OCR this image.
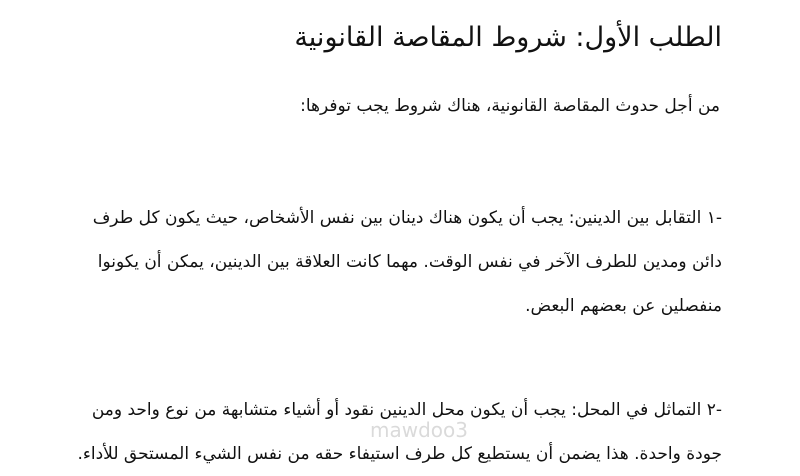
الطلب الأول: شروط المقاصة القانونية

من أجل حدوث المقاصة القانونية، هناك شروط يجب توفرها:

-١ التقابل بين الدينين: يجب أن يكون هناك دينان بين نفس الأشخاص، حيث يكون كل طرف
دائن ومدين للطرف الآخر في نفس الوقت. مهما كانت العلاقة بين الدينين، يمكن أن يكونوا
منفصلين عن بعضهم البعض.

-٢ التماثل في المحل: يجب أن يكون محل الدينين نقود أو أشياء متشابهة من نوع واحد ومن
جودة واحدة. هذا يضمن أن يستطيع كل طرف استيفاء حقه من نفس الشيء المستحق للأداء.

mawdoo3
